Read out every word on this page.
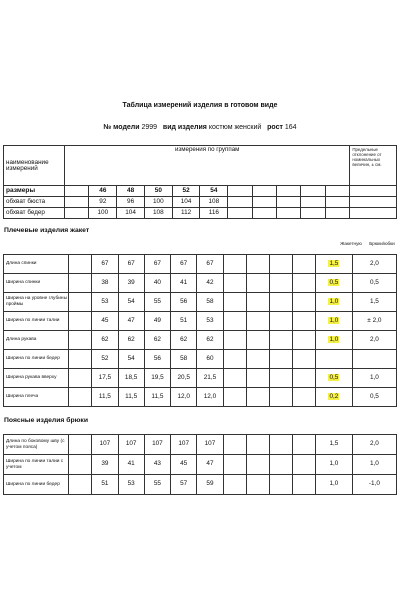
Таблица измерений изделия в готовом виде
№ модели 2999 вид изделия костюм женский рост 164
наименование измерений	измерения по группам											Предельные отклонение от номинальных величин, ± см.
размеры		46	48	50	52	54						
обхват бюста		92	96	100	104	108						
обхват бедер		100	104	108	112	116						
Плечевые изделия жакет
Длина спинки		67	67	67	67	67					1,5	2,0
Ширина спинки		38	39	40	41	42					0,5	0,5
Ширина на уровне глубины проймы		53	54	55	56	58					1,0	1,5
Ширина по линии талии		45	47	49	51	53					1,0	± 2,0
Длина рукава		62	62	62	62	62					1,0	2,0
Ширина по линии бедер		52	54	56	58	60						
Ширина рукава вверху		17,5	18,5	19,5	20,5	21,5					0,5	1,0
Ширина плеча		11,5	11,5	11,5	12,0	12,0					0,2	0,5
Жакетную	Брюки/юбки
Поясные изделия брюки
Длина по боковому шву (с учетом пояса)		107	107	107	107	107					1,5	2,0
Ширина по линии талии с учетом		39	41	43	45	47					1,0	1,0
Ширина по линии бедер		51	53	55	57	59					1,0	-1,0
